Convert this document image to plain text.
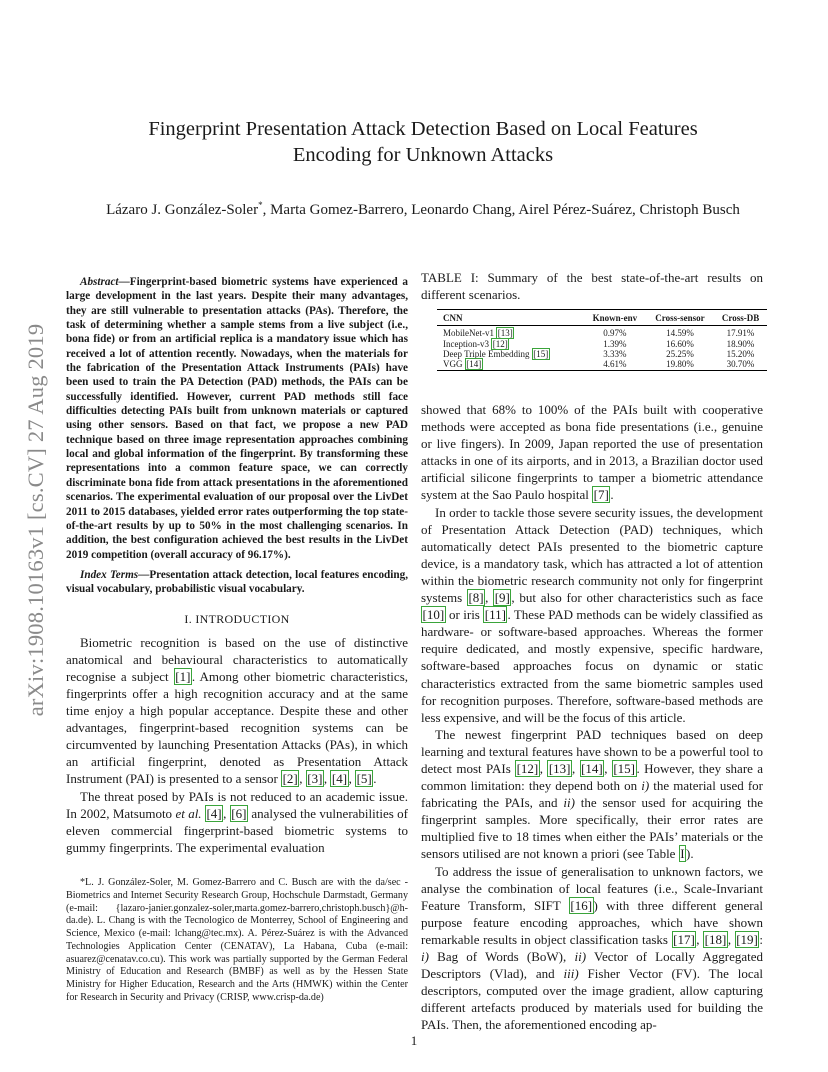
arXiv:1908.10163v1 [cs.CV] 27 Aug 2019
Fingerprint Presentation Attack Detection Based on Local Features
Encoding for Unknown Attacks
Lázaro J. González-Soler*, Marta Gomez-Barrero, Leonardo Chang, Airel Pérez-Suárez, Christoph Busch

Abstract—Fingerprint-based biometric systems have experienced a large development in the last years. Despite their many advantages, they are still vulnerable to presentation attacks (PAs). Therefore, the task of determining whether a sample stems from a live subject (i.e., bona fide) or from an artificial replica is a mandatory issue which has received a lot of attention recently. Nowadays, when the materials for the fabrication of the Presentation Attack Instruments (PAIs) have been used to train the PA Detection (PAD) methods, the PAIs can be successfully identified. However, current PAD methods still face difficulties detecting PAIs built from unknown materials or captured using other sensors. Based on that fact, we propose a new PAD technique based on three image representation approaches combining local and global information of the fingerprint. By transforming these representations into a common feature space, we can correctly discriminate bona fide from attack presentations in the aforementioned scenarios. The experimental evaluation of our proposal over the LivDet 2011 to 2015 databases, yielded error rates outperforming the top state-of-the-art results by up to 50% in the most challenging scenarios. In addition, the best configuration achieved the best results in the LivDet 2019 competition (overall accuracy of 96.17%).

Index Terms—Presentation attack detection, local features encoding, visual vocabulary, probabilistic visual vocabulary.

I. INTRODUCTION

Biometric recognition is based on the use of distinctive anatomical and behavioural characteristics to automatically recognise a subject [1] . Among other biometric characteristics, fingerprints offer a high recognition accuracy and at the same time enjoy a high popular acceptance. Despite these and other advantages, fingerprint-based recognition systems can be circumvented by launching Presentation Attacks (PAs), in which an artificial fingerprint, denoted as Presentation Attack Instrument (PAI) is presented to a sensor [2] , [3] , [4] , [5] .

The threat posed by PAIs is not reduced to an academic issue. In 2002, Matsumoto et al. [4] , [6] analysed the vulnerabilities of eleven commercial fingerprint-based biometric systems to gummy fingerprints. The experimental evaluation

*L. J. González-Soler, M. Gomez-Barrero and C. Busch are with the da/sec - Biometrics and Internet Security Research Group, Hochschule Darmstadt, Germany (e-mail: {lazaro-janier.gonzalez-soler,marta.gomez-barrero,christoph.busch}@h-da.de). L. Chang is with the Tecnologico de Monterrey, School of Engineering and Science, Mexico (e-mail: lchang@tec.mx). A. Pérez-Suárez is with the Advanced Technologies Application Center (CENATAV), La Habana, Cuba (e-mail: asuarez@cenatav.co.cu). This work was partially supported by the German Federal Ministry of Education and Research (BMBF) as well as by the Hessen State Ministry for Higher Education, Research and the Arts (HMWK) within the Center for Research in Security and Privacy (CRISP, www.crisp-da.de)

TABLE I: Summary of the best state-of-the-art results on different scenarios.
CNN	Known-env	Cross-sensor	Cross-DB
MobileNet-v1 [13]	0.97%	14.59%	17.91%
Inception-v3 [12]	1.39%	16.60%	18.90%
Deep Triple Embedding [15]	3.33%	25.25%	15.20%
VGG [14]	4.61%	19.80%	30.70%

showed that 68% to 100% of the PAIs built with cooperative methods were accepted as bona fide presentations (i.e., genuine or live fingers). In 2009, Japan reported the use of presentation attacks in one of its airports, and in 2013, a Brazilian doctor used artificial silicone fingerprints to tamper a biometric attendance system at the Sao Paulo hospital [7] .

In order to tackle those severe security issues, the development of Presentation Attack Detection (PAD) techniques, which automatically detect PAIs presented to the biometric capture device, is a mandatory task, which has attracted a lot of attention within the biometric research community not only for fingerprint systems [8] , [9] , but also for other characteristics such as face [10] or iris [11] . These PAD methods can be widely classified as hardware- or software-based approaches. Whereas the former require dedicated, and mostly expensive, specific hardware, software-based approaches focus on dynamic or static characteristics extracted from the same biometric samples used for recognition purposes. Therefore, software-based methods are less expensive, and will be the focus of this article.

The newest fingerprint PAD techniques based on deep learning and textural features have shown to be a powerful tool to detect most PAIs [12] , [13] , [14] , [15] . However, they share a common limitation: they depend both on i) the material used for fabricating the PAIs, and ii) the sensor used for acquiring the fingerprint samples. More specifically, their error rates are multiplied five to 18 times when either the PAIs’ materials or the sensors utilised are not known a priori (see Table I ).

To address the issue of generalisation to unknown factors, we analyse the combination of local features (i.e., Scale-Invariant Feature Transform, SIFT [16] ) with three different general purpose feature encoding approaches, which have shown remarkable results in object classification tasks [17] , [18] , [19] : i) Bag of Words (BoW), ii) Vector of Locally Aggregated Descriptors (Vlad), and iii) Fisher Vector (FV). The local descriptors, computed over the image gradient, allow capturing different artefacts produced by materials used for building the PAIs. Then, the aforementioned encoding ap-

1
